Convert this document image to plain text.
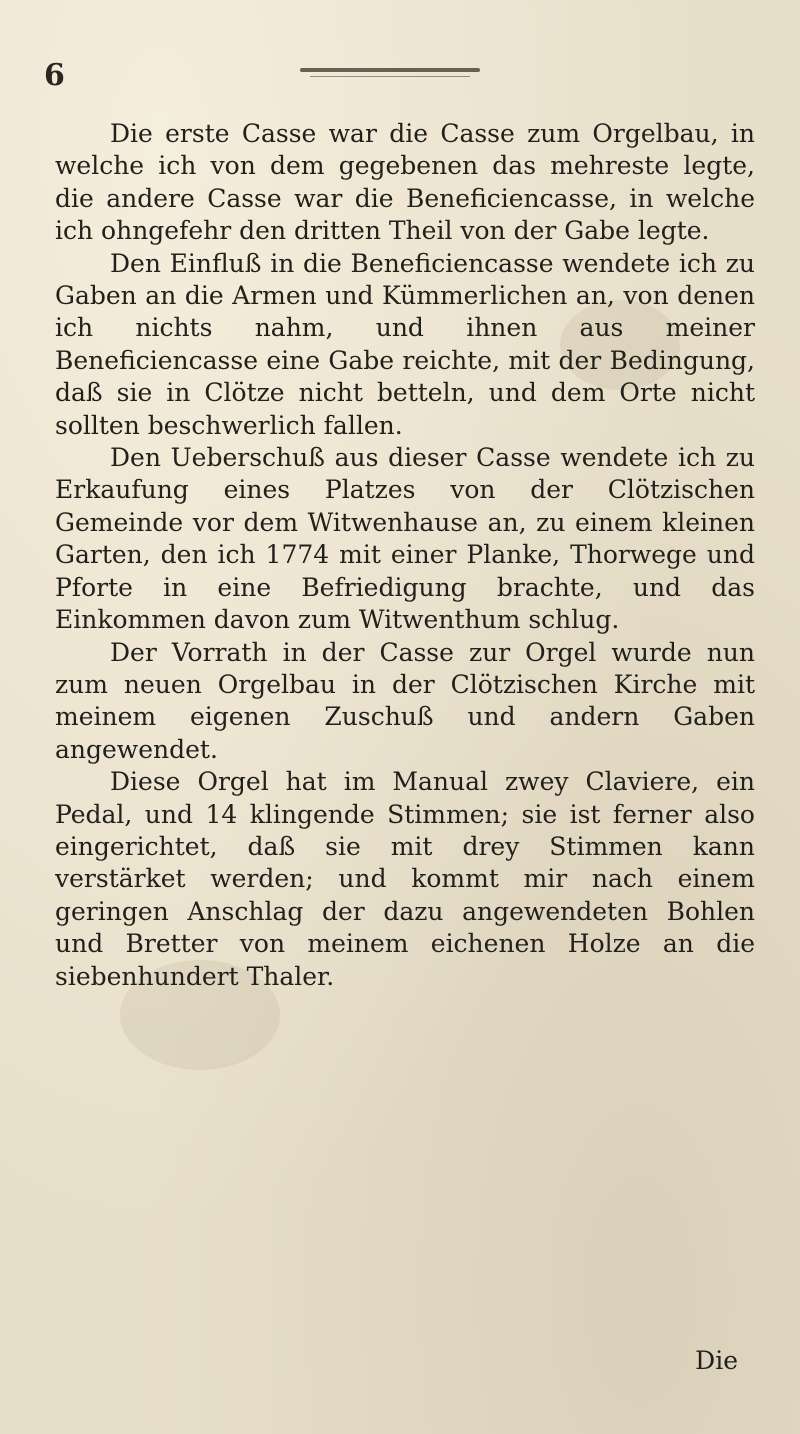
6

Die erste Casse war die Casse zum Orgelbau, in welche ich von dem gegebenen das mehreste legte, die andere Casse war die Beneficiencasse, in welche ich ohngefehr den dritten Theil von der Gabe legte.

Den Einfluß in die Beneficiencasse wendete ich zu Gaben an die Armen und Kümmerlichen an, von denen ich nichts nahm, und ihnen aus meiner Beneficiencasse eine Gabe reichte, mit der Bedingung, daß sie in Clötze nicht betteln, und dem Orte nicht sollten beschwerlich fallen.

Den Ueberschuß aus dieser Casse wendete ich zu Erkaufung eines Platzes von der Clötzischen Gemeinde vor dem Witwenhause an, zu einem kleinen Garten, den ich 1774 mit einer Planke, Thorwege und Pforte in eine Befriedigung brachte, und das Einkommen davon zum Witwenthum schlug.

Der Vorrath in der Casse zur Orgel wurde nun zum neuen Orgelbau in der Clötzischen Kirche mit meinem eigenen Zuschuß und andern Gaben angewendet.

Diese Orgel hat im Manual zwey Claviere, ein Pedal, und 14 klingende Stimmen; sie ist ferner also eingerichtet, daß sie mit drey Stimmen kann verstärket werden; und kommt mir nach einem geringen Anschlag der dazu angewendeten Bohlen und Bretter von meinem eichenen Holze an die siebenhundert Thaler.

Die
